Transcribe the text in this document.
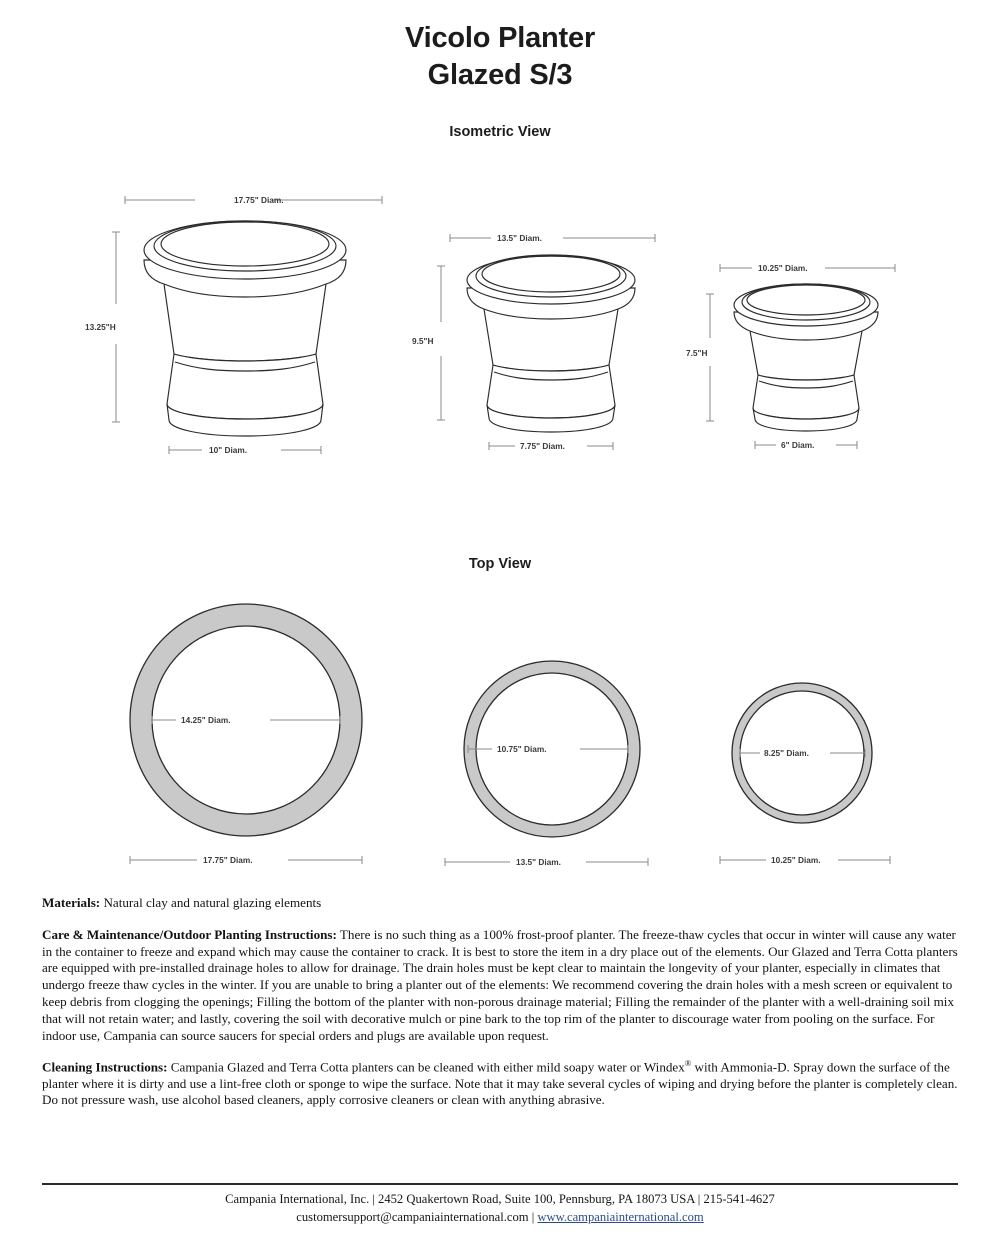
Vicolo Planter
Glazed S/3
Isometric View
17.75" Diam.
13.25"H
10" Diam.
13.5" Diam.
9.5"H
7.75" Diam.
10.25" Diam.
7.5"H
6" Diam.
Top View
14.25" Diam.
17.75" Diam.
10.75" Diam.
13.5" Diam.
8.25" Diam.
10.25" Diam.

Materials: Natural clay and natural glazing elements

Care & Maintenance/Outdoor Planting Instructions: There is no such thing as a 100% frost-proof planter. The freeze-thaw cycles that occur in winter will cause any water in the container to freeze and expand which may cause the container to crack. It is best to store the item in a dry place out of the elements. Our Glazed and Terra Cotta planters are equipped with pre-installed drainage holes to allow for drainage. The drain holes must be kept clear to maintain the longevity of your planter, especially in climates that undergo freeze thaw cycles in the winter. If you are unable to bring a planter out of the elements: We recommend covering the drain holes with a mesh screen or equivalent to keep debris from clogging the openings; Filling the bottom of the planter with non-porous drainage material; Filling the remainder of the planter with a well-draining soil mix that will not retain water; and lastly, covering the soil with decorative mulch or pine bark to the top rim of the planter to discourage water from pooling on the surface. For indoor use, Campania can source saucers for special orders and plugs are available upon request.

Cleaning Instructions: Campania Glazed and Terra Cotta planters can be cleaned with either mild soapy water or Windex® with Ammonia-D. Spray down the surface of the planter where it is dirty and use a lint-free cloth or sponge to wipe the surface. Note that it may take several cycles of wiping and drying before the planter is completely clean. Do not pressure wash, use alcohol based cleaners, apply corrosive cleaners or clean with anything abrasive.

Campania International, Inc. | 2452 Quakertown Road, Suite 100, Pennsburg, PA 18073 USA | 215-541-4627
customersupport@campaniainternational.com | www.campaniainternational.com
